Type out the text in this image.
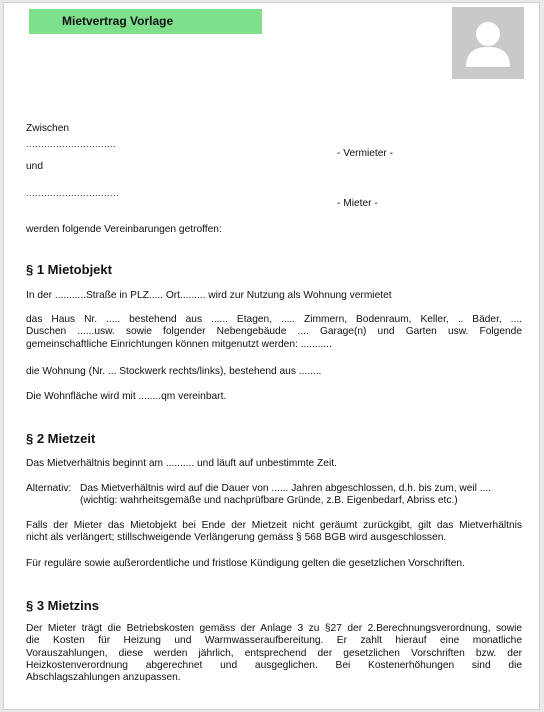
Mietvertrag Vorlage
Zwischen
..............................
- Vermieter -
und
...............................
- Mieter -
werden folgende Vereinbarungen getroffen:
§ 1 Mietobjekt
In der ...........Straße in PLZ..... Ort......... wird zur Nutzung als Wohnung vermietet
das Haus Nr. ..... bestehend aus ...... Etagen, ..... Zimmern, Bodenraum, Keller, .. Bäder, ....
Duschen ......usw. sowie folgender Nebengebäude .... Garage(n) und Garten usw. Folgende
gemeinschaftliche Einrichtungen können mitgenutzt werden: ...........
die Wohnung (Nr. ... Stockwerk rechts/links), bestehend aus ........
Die Wohnfläche wird mit ........qm vereinbart.
§ 2 Mietzeit
Das Mietverhältnis beginnt am .......... und läuft auf unbestimmte Zeit.
Alternativ: Das Mietverhältnis wird auf die Dauer von ...... Jahren abgeschlossen, d.h. bis zum, weil ....
(wichtig: wahrheitsgemäße und nachprüfbare Gründe, z.B. Eigenbedarf, Abriss etc.)
Falls der Mieter das Mietobjekt bei Ende der Mietzeit nicht geräumt zurückgibt, gilt das Mietverhältnis
nicht als verlängert; stillschweigende Verlängerung gemäss § 568 BGB wird ausgeschlossen.
Für reguläre sowie außerordentliche und fristlose Kündigung gelten die gesetzlichen Vorschriften.
§ 3 Mietzins
Der Mieter trägt die Betriebskosten gemäss der Anlage 3 zu §27 der 2.Berechnungsverordnung, sowie
die Kosten für Heizung und Warmwasseraufbereitung. Er zahlt hierauf eine monatliche
Vorauszahlungen, diese werden jährlich, entsprechend der gesetzlichen Vorschriften bzw. der
Heizkostenverordnung abgerechnet und ausgeglichen. Bei Kostenerhöhungen sind die
Abschlagszahlungen anzupassen.
